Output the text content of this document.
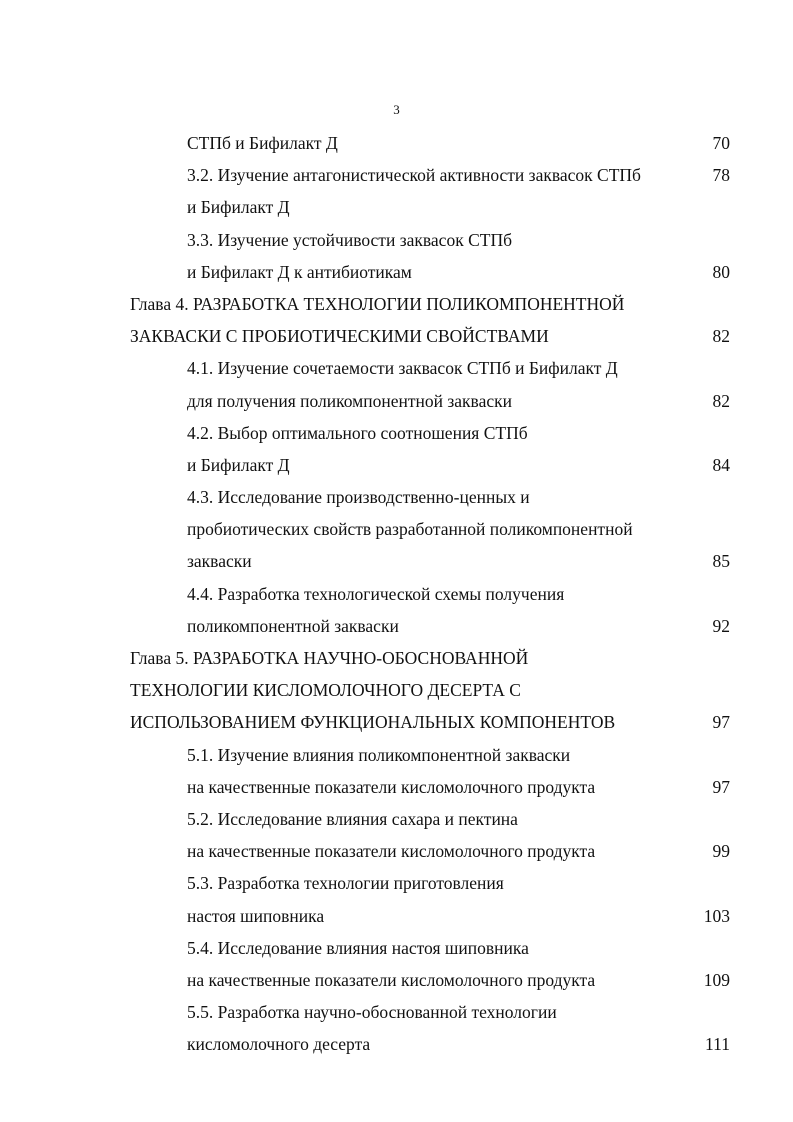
3
СТПб и Бифилакт Д	70
3.2. Изучение антагонистической активности заквасок СТПб	78
и Бифилакт Д
3.3. Изучение устойчивости заквасок СТПб
и Бифилакт Д к антибиотикам	80
Глава 4. РАЗРАБОТКА ТЕХНОЛОГИИ ПОЛИКОМПОНЕНТНОЙ
ЗАКВАСКИ С ПРОБИОТИЧЕСКИМИ СВОЙСТВАМИ	82
4.1. Изучение сочетаемости заквасок СТПб и Бифилакт Д
для получения поликомпонентной закваски	82
4.2. Выбор оптимального соотношения СТПб
и Бифилакт Д	84
4.3. Исследование производственно-ценных и
пробиотических свойств разработанной поликомпонентной
закваски	85
4.4. Разработка технологической схемы получения
поликомпонентной закваски	92
Глава 5. РАЗРАБОТКА НАУЧНО-ОБОСНОВАННОЙ
ТЕХНОЛОГИИ КИСЛОМОЛОЧНОГО ДЕСЕРТА С
ИСПОЛЬЗОВАНИЕМ ФУНКЦИОНАЛЬНЫХ КОМПОНЕНТОВ	97
5.1. Изучение влияния поликомпонентной закваски
на качественные показатели кисломолочного продукта	97
5.2. Исследование влияния сахара и пектина
на качественные показатели кисломолочного продукта	99
5.3. Разработка технологии приготовления
настоя шиповника	103
5.4. Исследование влияния настоя шиповника
на качественные показатели кисломолочного продукта	109
5.5. Разработка научно-обоснованной технологии
кисломолочного десерта	111
